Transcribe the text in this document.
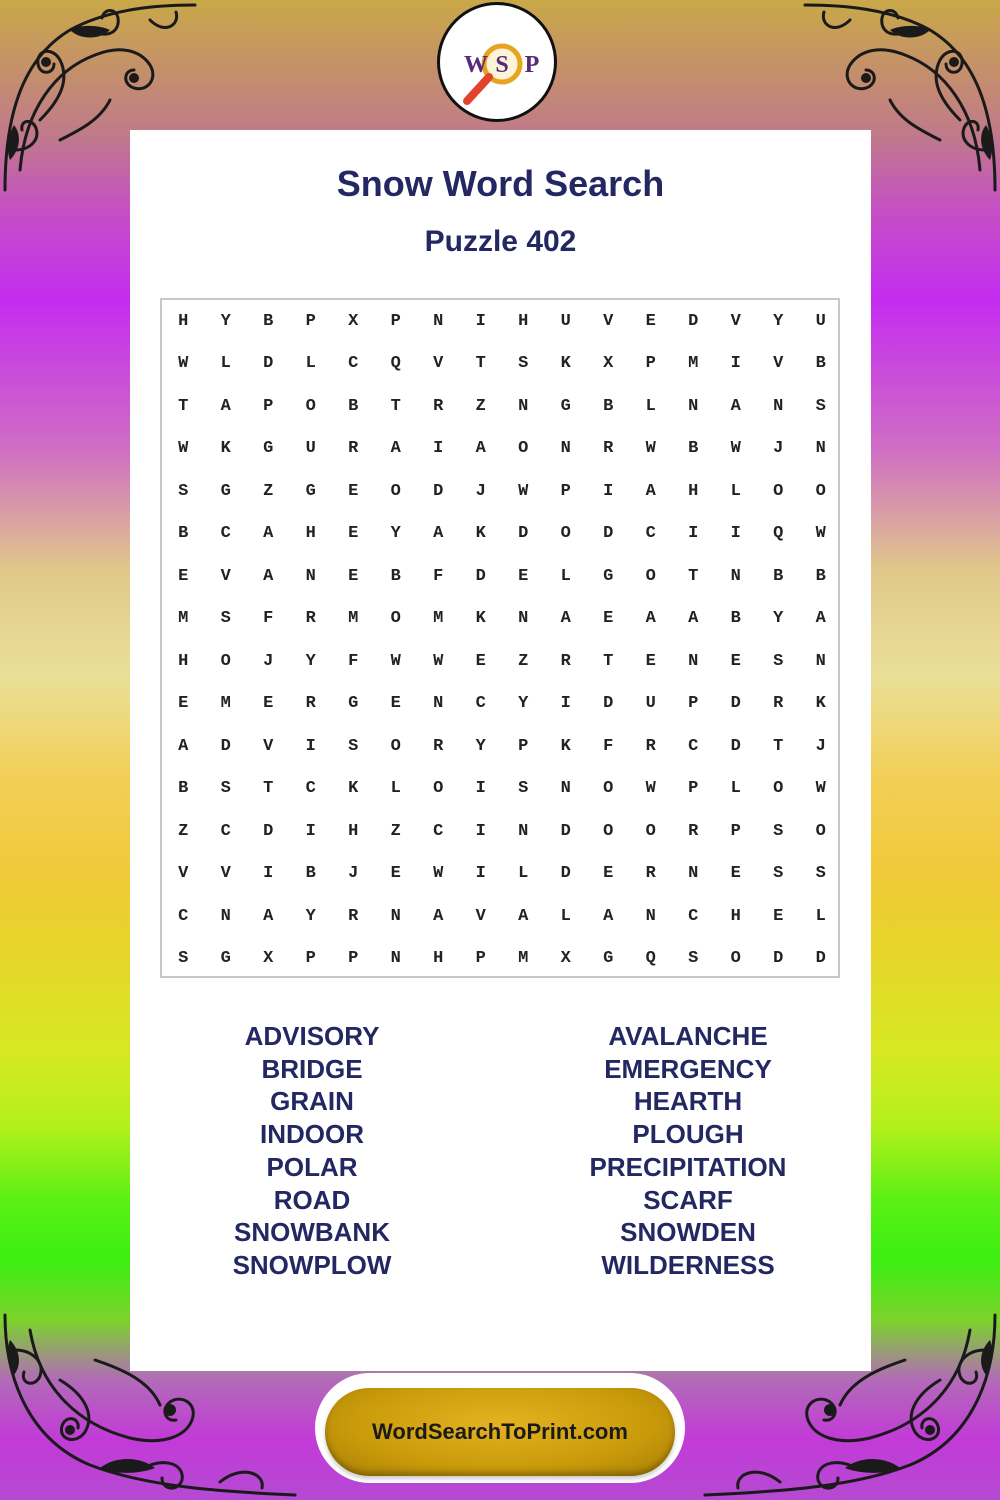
W S P
Snow Word Search
Puzzle 402
H	Y	B	P	X	P	N	I	H	U	V	E	D	V	Y	U
W	L	D	L	C	Q	V	T	S	K	X	P	M	I	V	B
T	A	P	O	B	T	R	Z	N	G	B	L	N	A	N	S
W	K	G	U	R	A	I	A	O	N	R	W	B	W	J	N
S	G	Z	G	E	O	D	J	W	P	I	A	H	L	O	O
B	C	A	H	E	Y	A	K	D	O	D	C	I	I	Q	W
E	V	A	N	E	B	F	D	E	L	G	O	T	N	B	B
M	S	F	R	M	O	M	K	N	A	E	A	A	B	Y	A
H	O	J	Y	F	W	W	E	Z	R	T	E	N	E	S	N
E	M	E	R	G	E	N	C	Y	I	D	U	P	D	R	K
A	D	V	I	S	O	R	Y	P	K	F	R	C	D	T	J
B	S	T	C	K	L	O	I	S	N	O	W	P	L	O	W
Z	C	D	I	H	Z	C	I	N	D	O	O	R	P	S	O
V	V	I	B	J	E	W	I	L	D	E	R	N	E	S	S
C	N	A	Y	R	N	A	V	A	L	A	N	C	H	E	L
S	G	X	P	P	N	H	P	M	X	G	Q	S	O	D	D
ADVISORY
BRIDGE
GRAIN
INDOOR
POLAR
ROAD
SNOWBANK
SNOWPLOW
AVALANCHE
EMERGENCY
HEARTH
PLOUGH
PRECIPITATION
SCARF
SNOWDEN
WILDERNESS
WordSearchToPrint.com
